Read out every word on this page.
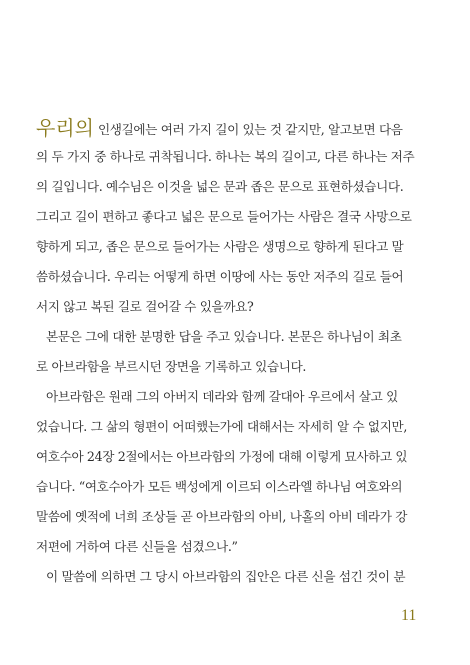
우리의 인생길에는 여러 가지 길이 있는 것 같지만, 알고보면 다음
의 두 가지 중 하나로 귀착됩니다. 하나는 복의 길이고, 다른 하나는 저주
의 길입니다. 예수님은 이것을 넓은 문과 좁은 문으로 표현하셨습니다.
그리고 길이 편하고 좋다고 넓은 문으로 들어가는 사람은 결국 사망으로
향하게 되고, 좁은 문으로 들어가는 사람은 생명으로 향하게 된다고 말
씀하셨습니다. 우리는 어떻게 하면 이땅에 사는 동안 저주의 길로 들어
서지 않고 복된 길로 걸어갈 수 있을까요?
본문은 그에 대한 분명한 답을 주고 있습니다. 본문은 하나님이 최초
로 아브라함을 부르시던 장면을 기록하고 있습니다.
아브라함은 원래 그의 아버지 데라와 함께 갈대아 우르에서 살고 있
었습니다. 그 삶의 형편이 어떠했는가에 대해서는 자세히 알 수 없지만,
여호수아 24장 2절에서는 아브라함의 가정에 대해 이렇게 묘사하고 있
습니다. “여호수아가 모든 백성에게 이르되 이스라엘 하나님 여호와의
말씀에 옛적에 너희 조상들 곧 아브라함의 아비, 나홀의 아비 데라가 강
저편에 거하여 다른 신들을 섬겼으나.”
이 말씀에 의하면 그 당시 아브라함의 집안은 다른 신을 섬긴 것이 분
11
